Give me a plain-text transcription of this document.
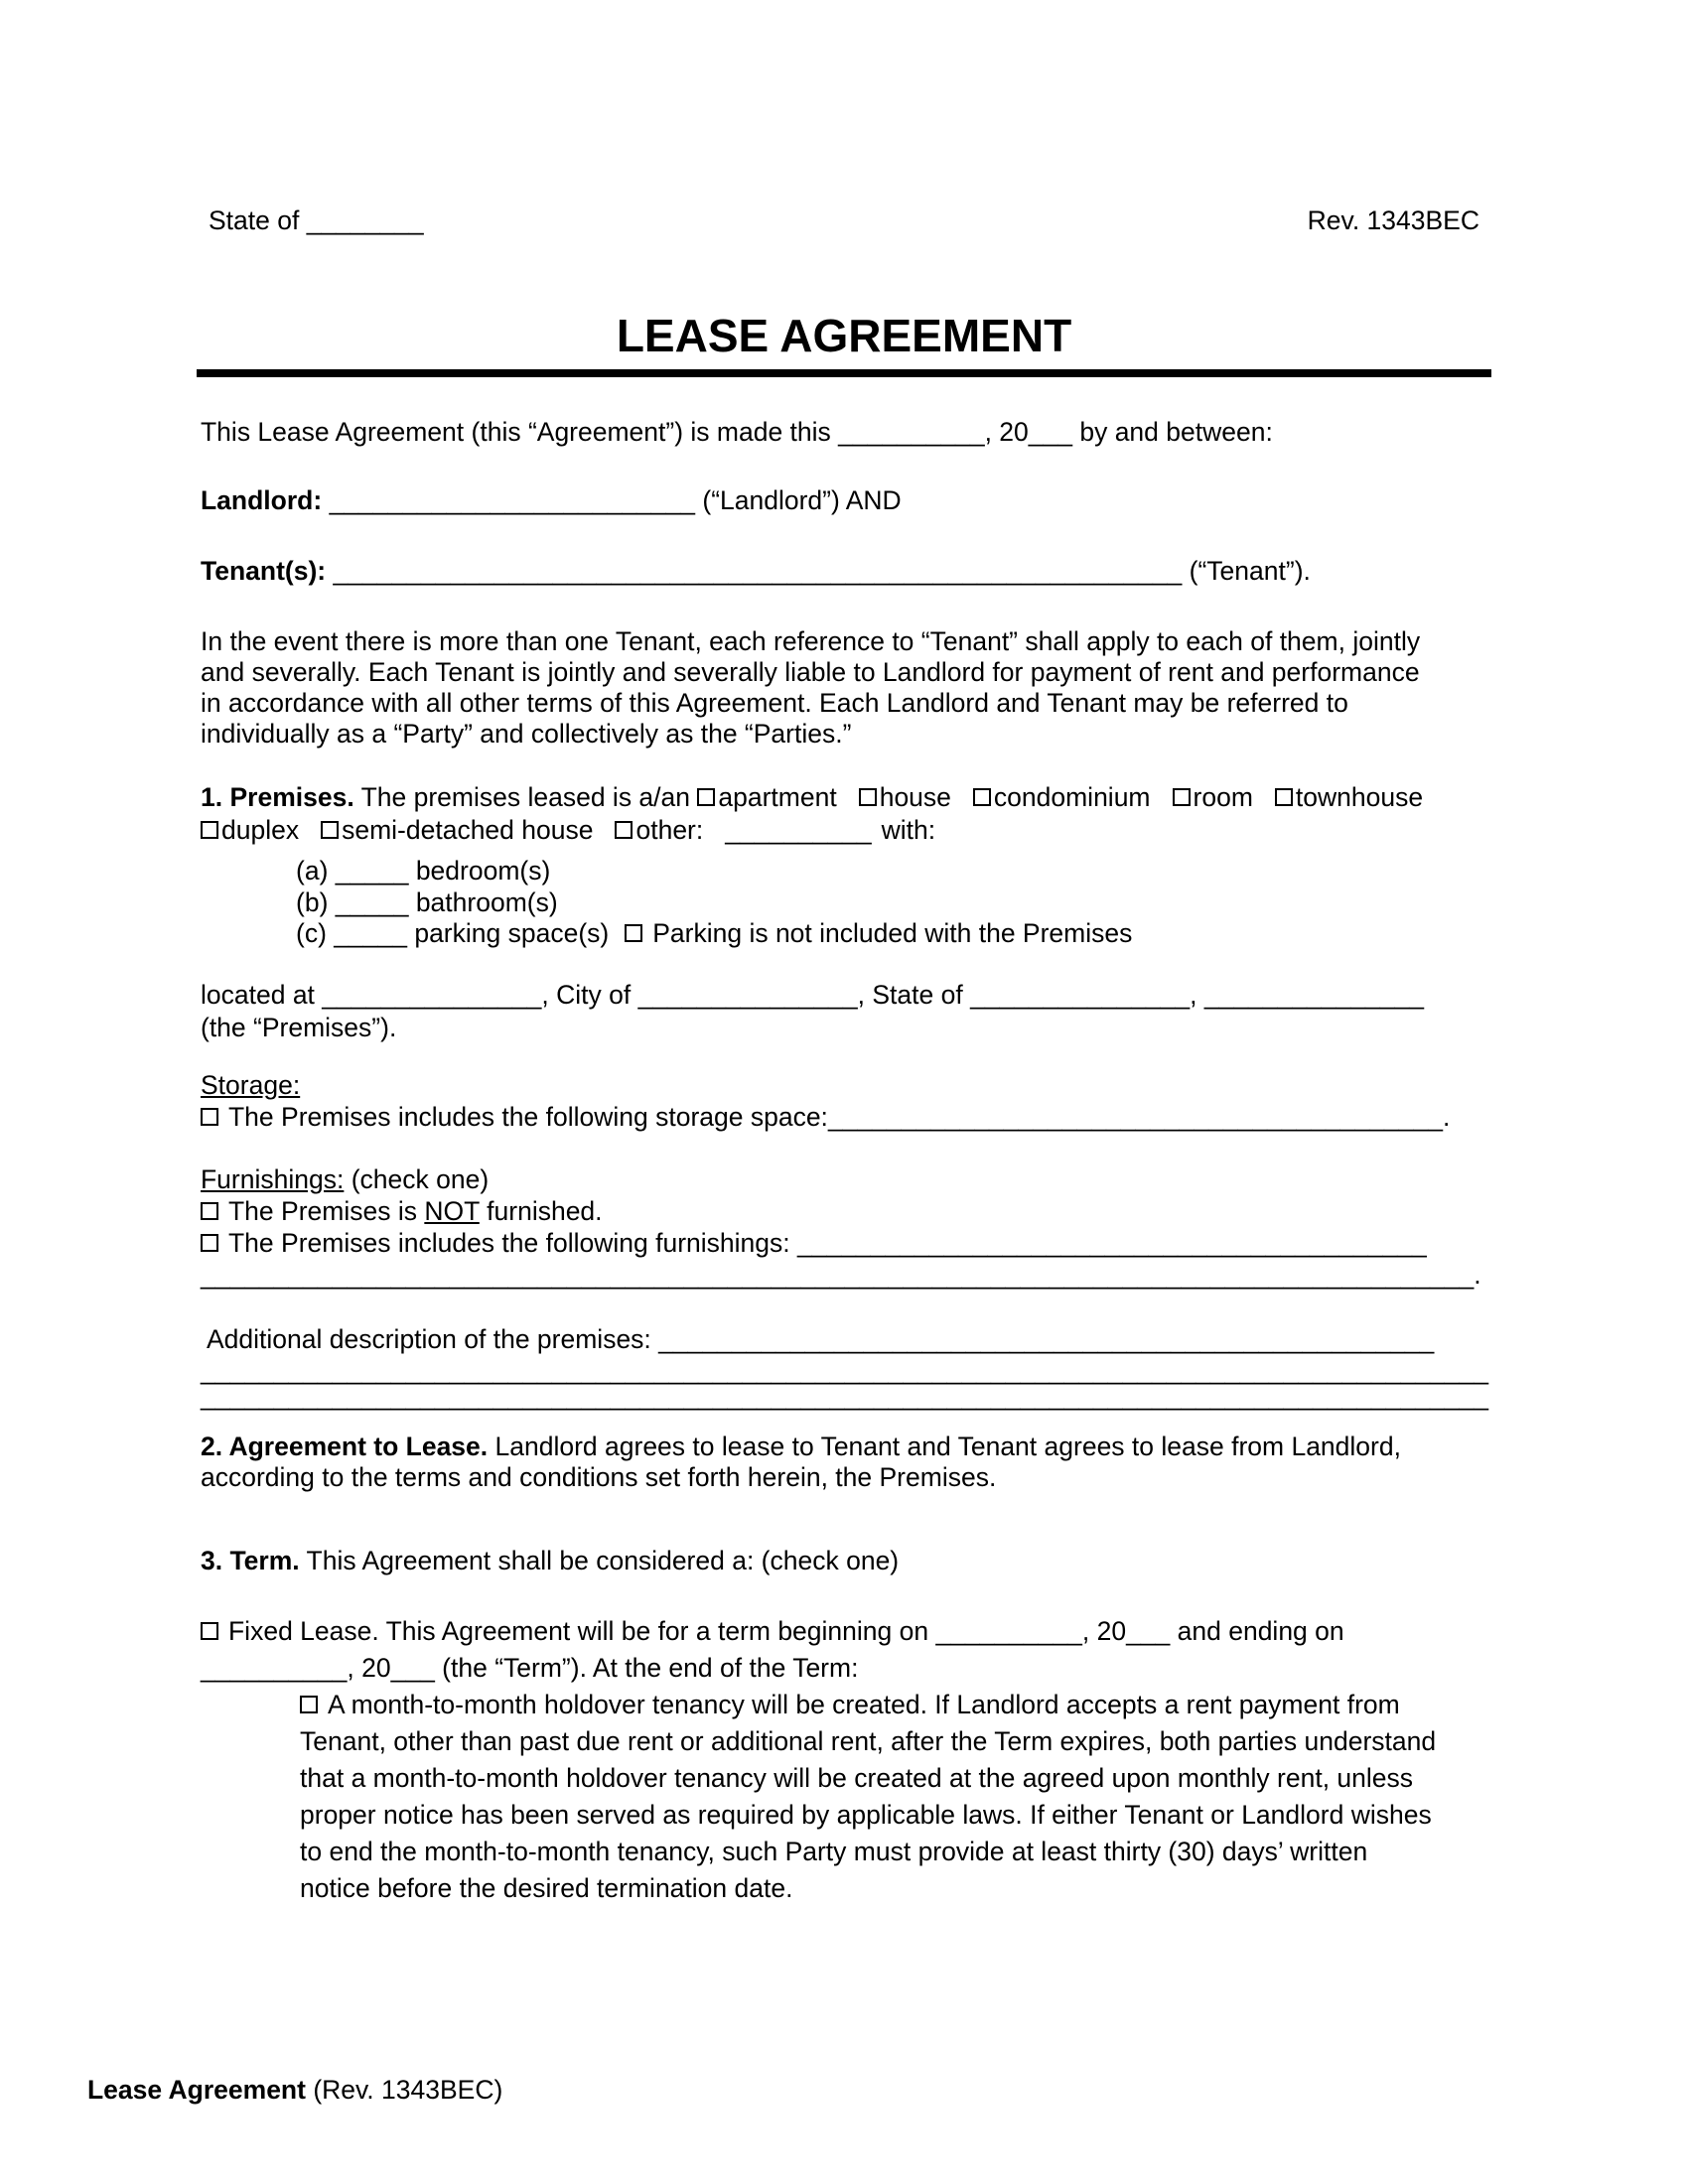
State of ________	Rev. 1343BEC
LEASE AGREEMENT
This Lease Agreement (this “Agreement”) is made this __________, 20___ by and between:
Landlord: _________________________ (“Landlord”) AND
Tenant(s): __________________________________________________________ (“Tenant”).
In the event there is more than one Tenant, each reference to “Tenant” shall apply to each of them, jointly
and severally. Each Tenant is jointly and severally liable to Landlord for payment of rent and performance
in accordance with all other terms of this Agreement. Each Landlord and Tenant may be referred to
individually as a “Party” and collectively as the “Parties.”
1. Premises. The premises leased is a/an apartment house condominium room townhouse
duplex semi-detached house other: __________ with:
(a) _____ bedroom(s)
(b) _____ bathroom(s)
(c) _____ parking space(s) Parking is not included with the Premises
located at _______________, City of _______________, State of _______________, _______________
(the “Premises”).
Storage:
The Premises includes the following storage space:__________________________________________.
Furnishings: (check one)
The Premises is NOT furnished.
The Premises includes the following furnishings: ___________________________________________
_______________________________________________________________________________________.
Additional description of the premises: _____________________________________________________
________________________________________________________________________________________
________________________________________________________________________________________
2. Agreement to Lease. Landlord agrees to lease to Tenant and Tenant agrees to lease from Landlord,
according to the terms and conditions set forth herein, the Premises.
3. Term. This Agreement shall be considered a: (check one)
Fixed Lease. This Agreement will be for a term beginning on __________, 20___ and ending on
__________, 20___ (the “Term”). At the end of the Term:
A month-to-month holdover tenancy will be created. If Landlord accepts a rent payment from
Tenant, other than past due rent or additional rent, after the Term expires, both parties understand
that a month-to-month holdover tenancy will be created at the agreed upon monthly rent, unless
proper notice has been served as required by applicable laws. If either Tenant or Landlord wishes
to end the month-to-month tenancy, such Party must provide at least thirty (30) days’ written
notice before the desired termination date.
Lease Agreement (Rev. 1343BEC)
